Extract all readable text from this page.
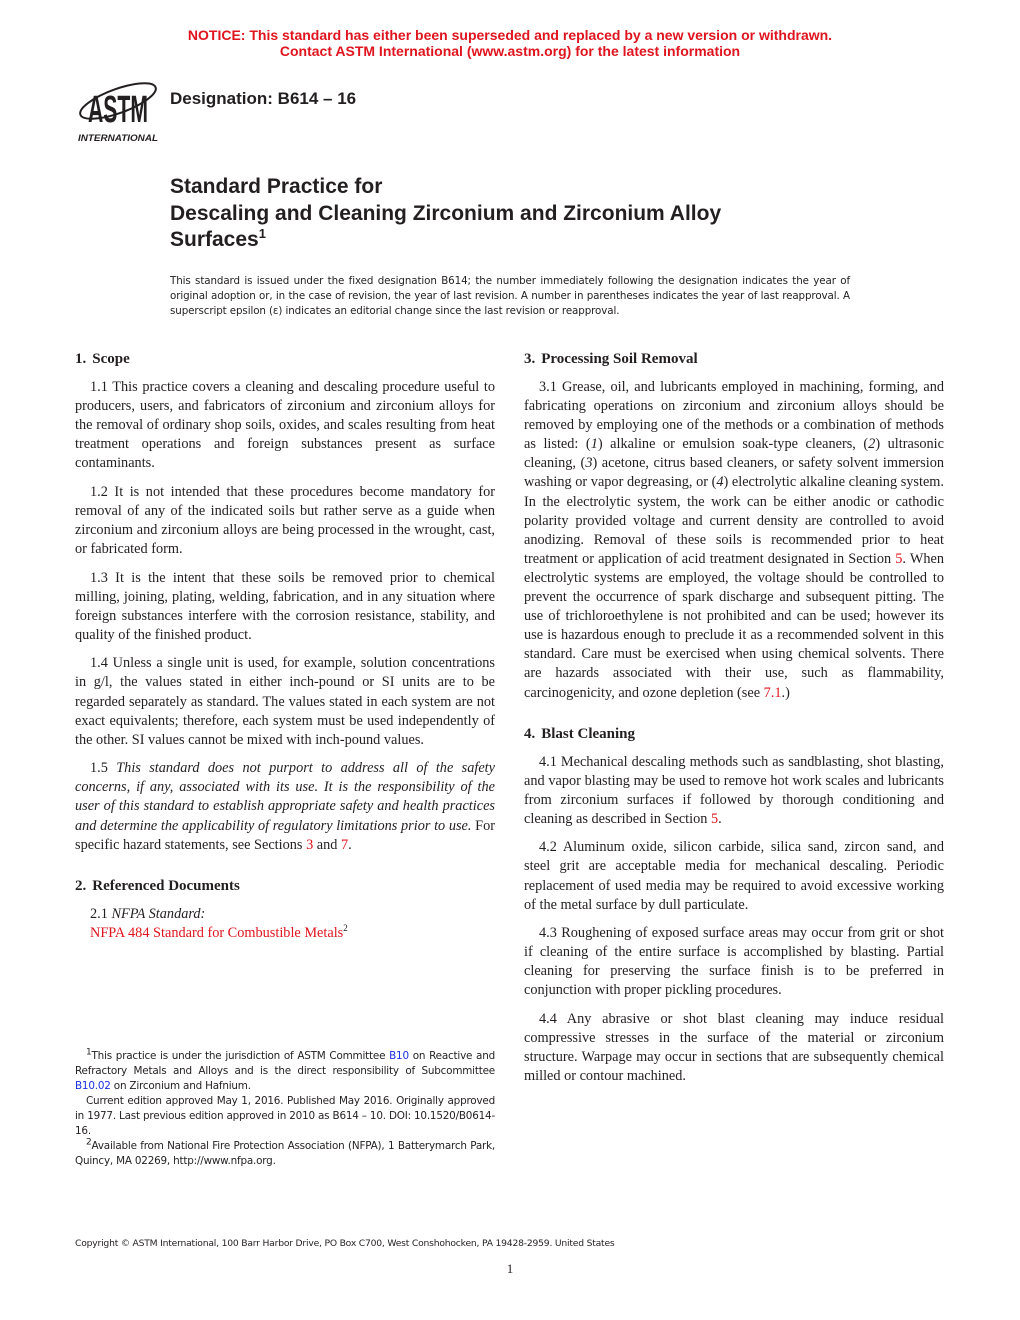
NOTICE: This standard has either been superseded and replaced by a new version or withdrawn.
Contact ASTM International (www.astm.org) for the latest information
ASTM
INTERNATIONAL
Designation: B614 – 16
Standard Practice for
Descaling and Cleaning Zirconium and Zirconium Alloy
Surfaces$^1$
This standard is issued under the fixed designation B614; the number immediately following the designation indicates the year of original adoption or, in the case of revision, the year of last revision. A number in parentheses indicates the year of last reapproval. A superscript epsilon (ε) indicates an editorial change since the last revision or reapproval.
1. Scope

1.1 This practice covers a cleaning and descaling procedure useful to producers, users, and fabricators of zirconium and zirconium alloys for the removal of ordinary shop soils, oxides, and scales resulting from heat treatment operations and foreign substances present as surface contaminants.

1.2 It is not intended that these procedures become mandatory for removal of any of the indicated soils but rather serve as a guide when zirconium and zirconium alloys are being processed in the wrought, cast, or fabricated form.

1.3 It is the intent that these soils be removed prior to chemical milling, joining, plating, welding, fabrication, and in any situation where foreign substances interfere with the corrosion resistance, stability, and quality of the finished product.

1.4 Unless a single unit is used, for example, solution concentrations in g/l, the values stated in either inch-pound or SI units are to be regarded separately as standard. The values stated in each system are not exact equivalents; therefore, each system must be used independently of the other. SI values cannot be mixed with inch-pound values.

1.5 This standard does not purport to address all of the safety concerns, if any, associated with its use. It is the responsibility of the user of this standard to establish appropriate safety and health practices and determine the applicability of regulatory limitations prior to use. For specific hazard statements, see Sections 3 and 7.

2. Referenced Documents

2.1 NFPA Standard:

NFPA 484 Standard for Combustible Metals$^2$

3. Processing Soil Removal

3.1 Grease, oil, and lubricants employed in machining, forming, and fabricating operations on zirconium and zirconium alloys should be removed by employing one of the methods or a combination of methods as listed: (1) alkaline or emulsion soak-type cleaners, (2) ultrasonic cleaning, (3) acetone, citrus based cleaners, or safety solvent immersion washing or vapor degreasing, or (4) electrolytic alkaline cleaning system. In the electrolytic system, the work can be either anodic or cathodic polarity provided voltage and current density are controlled to avoid anodizing. Removal of these soils is recommended prior to heat treatment or application of acid treatment designated in Section 5. When electrolytic systems are employed, the voltage should be controlled to prevent the occurrence of spark discharge and subsequent pitting. The use of trichloroethylene is not prohibited and can be used; however its use is hazardous enough to preclude it as a recommended solvent in this standard. Care must be exercised when using chemical solvents. There are hazards associated with their use, such as flammability, carcinogenicity, and ozone depletion (see 7.1.)

4. Blast Cleaning

4.1 Mechanical descaling methods such as sandblasting, shot blasting, and vapor blasting may be used to remove hot work scales and lubricants from zirconium surfaces if followed by thorough conditioning and cleaning as described in Section 5.

4.2 Aluminum oxide, silicon carbide, silica sand, zircon sand, and steel grit are acceptable media for mechanical descaling. Periodic replacement of used media may be required to avoid excessive working of the metal surface by dull particulate.

4.3 Roughening of exposed surface areas may occur from grit or shot if cleaning of the entire surface is accomplished by blasting. Partial cleaning for preserving the surface finish is to be preferred in conjunction with proper pickling procedures.

4.4 Any abrasive or shot blast cleaning may induce residual compressive stresses in the surface of the material or zirconium structure. Warpage may occur in sections that are subsequently chemical milled or contour machined.

$^1$This practice is under the jurisdiction of ASTM Committee B10 on Reactive and Refractory Metals and Alloys and is the direct responsibility of Subcommittee B10.02 on Zirconium and Hafnium.

Current edition approved May 1, 2016. Published May 2016. Originally approved in 1977. Last previous edition approved in 2010 as B614 – 10. DOI: 10.1520/B0614-16.

$^2$Available from National Fire Protection Association (NFPA), 1 Batterymarch Park, Quincy, MA 02269, http://www.nfpa.org.

Copyright © ASTM International, 100 Barr Harbor Drive, PO Box C700, West Conshohocken, PA 19428-2959. United States
1
